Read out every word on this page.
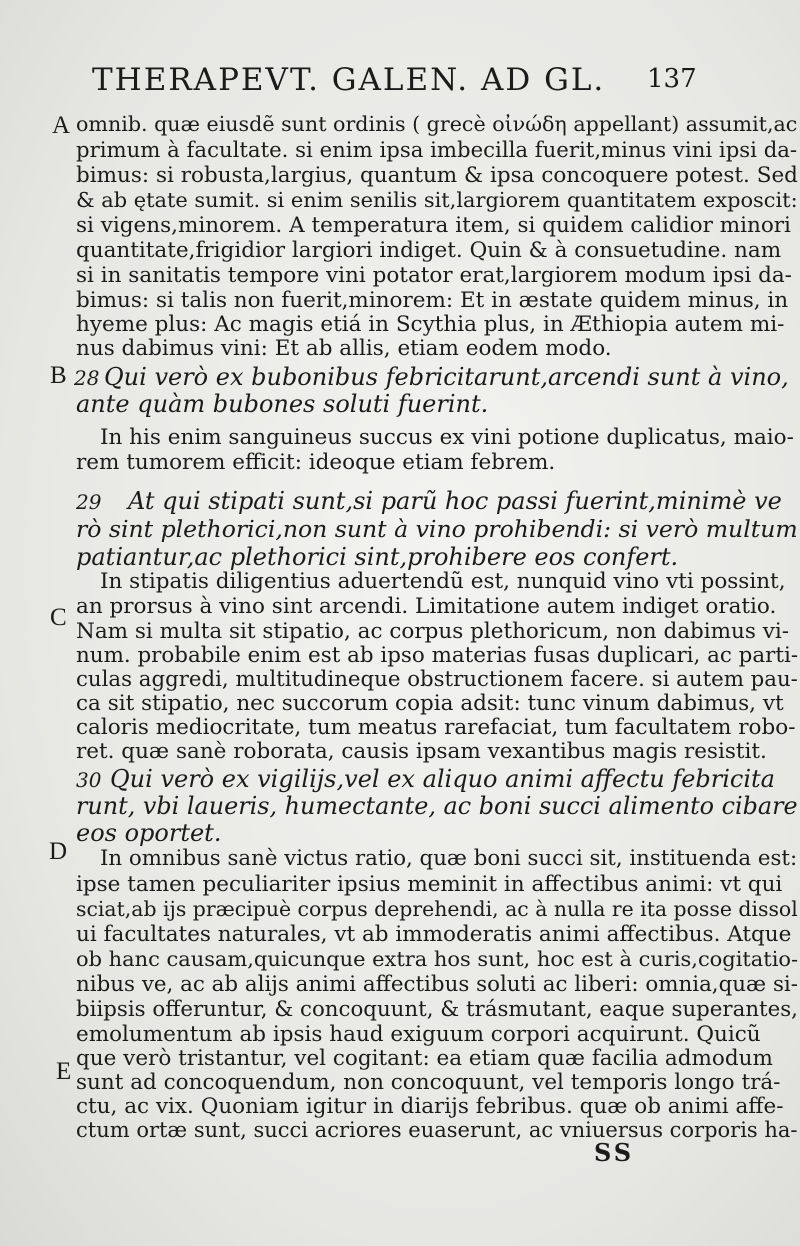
THERAPEVT. GALEN. AD GL. 137
A
B
C
D
E
omnib. quæ eiusdẽ sunt ordinis ( grecè οἰνώδη appellant) assumit,ac
primum à facultate. si enim ipsa imbecilla fuerit,minus vini ipsi da-
bimus: si robusta,largius, quantum & ipsa concoquere potest. Sed
& ab ętate sumit. si enim senilis sit,largiorem quantitatem exposcit:
si vigens,minorem. A temperatura item, si quidem calidior minori
quantitate,frigidior largiori indiget. Quin & à consuetudine. nam
si in sanitatis tempore vini potator erat,largiorem modum ipsi da-
bimus: si talis non fuerit,minorem: Et in æstate quidem minus, in
hyeme plus: Ac magis etiá in Scythia plus, in Æthiopia autem mi-
nus dabimus vini: Et ab allis, etiam eodem modo.
28 Qui verò ex bubonibus febricitarunt,arcendi sunt à vino,
ante quàm bubones soluti fuerint.
In his enim sanguineus succus ex vini potione duplicatus, maio-
rem tumorem efficit: ideoque etiam febrem.
29 At qui stipati sunt,si parũ hoc passi fuerint,minimè ve
rò sint plethorici,non sunt à vino prohibendi: si verò multum
patiantur,ac plethorici sint,prohibere eos confert.
In stipatis diligentius aduertendũ est, nunquid vino vti possint,
an prorsus à vino sint arcendi. Limitatione autem indiget oratio.
Nam si multa sit stipatio, ac corpus plethoricum, non dabimus vi-
num. probabile enim est ab ipso materias fusas duplicari, ac parti-
culas aggredi, multitudineque obstructionem facere. si autem pau-
ca sit stipatio, nec succorum copia adsit: tunc vinum dabimus, vt
caloris mediocritate, tum meatus rarefaciat, tum facultatem robo-
ret. quæ sanè roborata, causis ipsam vexantibus magis resistit.
30 Qui verò ex vigilijs,vel ex aliquo animi affectu febricita
runt, vbi laueris, humectante, ac boni succi alimento cibare
eos oportet.
In omnibus sanè victus ratio, quæ boni succi sit, instituenda est:
ipse tamen peculiariter ipsius meminit in affectibus animi: vt qui
sciat,ab ijs præcipuè corpus deprehendi, ac à nulla re ita posse dissol
ui facultates naturales, vt ab immoderatis animi affectibus. Atque
ob hanc causam,quicunque extra hos sunt, hoc est à curis,cogitatio-
nibus ve, ac ab alijs animi affectibus soluti ac liberi: omnia,quæ si-
biipsis offeruntur, & concoquunt, & trásmutant, eaque superantes,
emolumentum ab ipsis haud exiguum corpori acquirunt. Quicũ
que verò tristantur, vel cogitant: ea etiam quæ facilia admodum
sunt ad concoquendum, non concoquunt, vel temporis longo trá-
ctu, ac vix. Quoniam igitur in diarijs febribus. quæ ob animi affe-
ctum ortæ sunt, succi acriores euaserunt, ac vniuersus corporis ha-
SS
